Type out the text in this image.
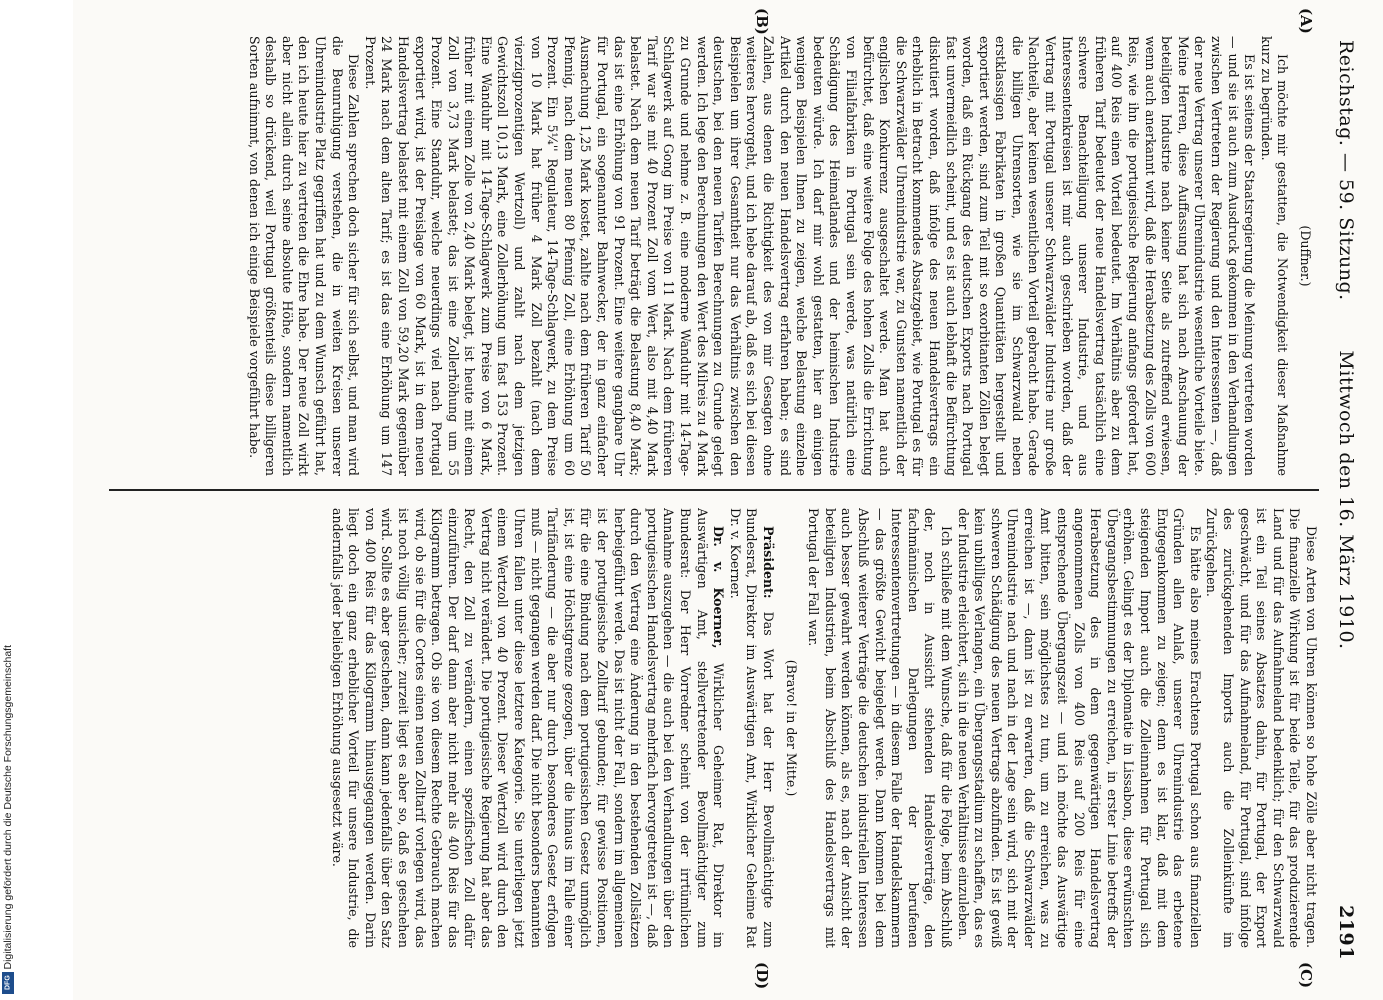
Digitalisierung gefördert durch die Deutsche Forschungsgemeinschaft
DFG
Reichstag. — 59. Sitzung.
Mittwoch den 16. März 1910.
2191
(A)
(B)
(C)
(D)

(Duffner.)

Ich möchte mir gestatten, die Notwendigkeit dieser Maßnahme kurz zu begründen.

Es ist seitens der Staatsregierung die Meinung vertreten worden — und sie ist auch zum Ausdruck gekommen in den Verhandlungen zwischen Vertretern der Regierung und den Interessenten —, daß der neue Vertrag unserer Uhrenindustrie wesentliche Vorteile biete. Meine Herren, diese Auffassung hat sich nach Anschauung der beteiligten Industrie nach keiner Seite als zutreffend erwiesen, wenn auch anerkannt wird, daß die Herabsetzung des Zolls von 600 Reis, wie ihn die portugiesische Regierung anfangs gefordert hat, auf 400 Reis einen Vorteil bedeutet. Im Verhältnis aber zu dem früheren Tarif bedeutet der neue Handelsvertrag tatsächlich eine schwere Benachteiligung unserer Industrie, und aus Interessentenkreisen ist mir auch geschrieben worden, daß der Vertrag mit Portugal unserer Schwarzwälder Industrie nur große Nachteile, aber keinen wesentlichen Vorteil gebracht habe. Gerade die billigen Uhrensorten, wie sie im Schwarzwald neben erstklassigen Fabrikaten in großen Quantitäten hergestellt und exportiert werden, sind zum Teil mit so exorbitanten Zöllen belegt worden, daß ein Rückgang des deutschen Exports nach Portugal fast unvermeidlich scheint, und es ist auch lebhaft die Befürchtung diskutiert worden, daß infolge des neuen Handelsvertrags ein erheblich in Betracht kommendes Absatzgebiet, wie Portugal es für die Schwarzwälder Uhrenindustrie war, zu Gunsten namentlich der englischen Konkurrenz ausgeschaltet werde. Man hat auch befürchtet, daß eine weitere Folge des hohen Zolls die Errichtung von Filialfabriken in Portugal sein werde, was natürlich eine Schädigung des Heimatlandes und der heimischen Industrie bedeuten würde. Ich darf mir wohl gestatten, hier an einigen wenigen Beispielen Ihnen zu zeigen, welche Belastung einzelne Artikel durch den neuen Handelsvertrag erfahren haben; es sind Zahlen, aus denen die Richtigkeit des von mir Gesagten ohne weiteres hervorgeht, und ich hebe darauf ab, daß es sich bei diesen Beispielen um ihrer Gesamtheit nur das Verhältnis zwischen den deutschen, bei den neuen Tarifen Berechnungen zu Grunde gelegt werden. Ich lege den Berechnungen den Wert des Milreis zu 4 Mark zu Grunde und nehme z. B. eine moderne Wanduhr mit 14-Tage-Schlagwerk auf Gong im Preise von 11 Mark. Nach dem früheren Tarif war sie mit 40 Prozent Zoll vom Wert, also mit 4,40 Mark belastet. Nach dem neuen Tarif beträgt die Belastung 8,40 Mark; das ist eine Erhöhung von 91 Prozent. Eine weitere gangbare Uhr für Portugal, ein sogenannter Bahnwecker, der in ganz einfacher Ausmachung 1,25 Mark kostet, zahlte nach dem früheren Tarif 50 Pfennig, nach dem neuen 80 Pfennig Zoll, eine Erhöhung um 60 Prozent. Ein 5¼'' Regulateur, 14-Tage-Schlagwerk, zu dem Preise von 10 Mark hat früher 4 Mark Zoll bezahlt (nach dem vierzigprozentigen Wertzoll) und zahlt nach dem jetzigen Gewichtszoll 10,13 Mark, eine Zollerhöhung um fast 153 Prozent. Eine Wanduhr mit 14-Tage-Schlagwerk zum Preise von 6 Mark, früher mit einem Zolle von 2,40 Mark belegt, ist heute mit einem Zoll von 3,73 Mark belastet; das ist eine Zollerhöhung um 55 Prozent. Eine Standuhr, welche neuerdings viel nach Portugal exportiert wird, ist der Preislage von 60 Mark, ist in dem neuen Handelsvertrag belastet mit einem Zoll von 59,20 Mark gegenüber 24 Mark nach dem alten Tarif; es ist das eine Erhöhung um 147 Prozent.

Diese Zahlen sprechen doch sicher für sich selbst, und man wird die Beunruhigung verstehen, die in weiten Kreisen unserer Uhrenindustrie Platz gegriffen hat und zu dem Wunsch geführt hat, den ich heute hier zu vertreten die Ehre habe. Der neue Zoll wirkt aber nicht allein durch seine absolute Höhe, sondern namentlich deshalb so drückend, weil Portugal größtenteils diese billigeren Sorten aufnimmt, von denen ich einige Beispiele vorgeführt habe.

Diese Arten von Uhren können so hohe Zölle aber nicht tragen. Die finanzielle Wirkung ist für beide Teile, für das produzierende Land und für das Aufnahmeland bedenklich; für den Schwarzwald ist ein Teil seines Absatzes dahin, für Portugal, der Export geschwächt, und für das Aufnahmeland, für Portugal, sind infolge des zurückgehenden Imports auch die Zolleinkünfte im Zurückgehen.

Es hätte also meines Erachtens Portugal schon aus finanziellen Gründen allen Anlaß, unserer Uhrenindustrie das erbetene Entgegenkommen zu zeigen; denn es ist klar, daß mit dem steigenden Import auch die Zolleinnahmen für Portugal sich erhöhen. Gelingt es der Diplomatie in Lissabon, diese erwünschten Übergangsbestimmungen zu erreichen, in erster Linie betreffs der Herabsetzung des in dem gegenwärtigen Handelsvertrag angenommenen Zolls von 400 Reis auf 200 Reis für eine entsprechende Übergangszeit — und ich möchte das Auswärtige Amt bitten, sein möglichstes zu tun, um zu erreichen, was zu erreichen ist —, dann ist zu erwarten, daß die Schwarzwälder Uhrenindustrie nach und nach in der Lage sein wird, sich mit der schweren Schädigung des neuen Vertrags abzufinden. Es ist gewiß kein unbilliges Verlangen, ein Übergangsstadium zu schaffen, das es der Industrie erleichtert, sich in die neuen Verhältnisse einzuleben.

Ich schließe mit dem Wunsche, daß für die Folge, beim Abschluß der, noch in Aussicht stehenden Handelsverträge, den fachmännischen Darlegungen der berufenen Interessentenvertretungen — in diesem Falle der Handelskammern — das größte Gewicht beigelegt werde. Dann kommen bei dem Abschluß weiterer Verträge die deutschen industriellen Interessen auch besser gewahrt werden können, als es, nach der Ansicht der beteiligten Industrien, beim Abschluß des Handelsvertrags mit Portugal der Fall war.

(Bravo! in der Mitte.)

Präsident: Das Wort hat der Herr Bevollmächtigte zum Bundesrat, Direktor im Auswärtigen Amt, Wirklicher Geheime Rat Dr. v. Koerner.

Dr. v. Koerner, Wirklicher Geheimer Rat, Direktor im Auswärtigen Amt, stellvertretender Bevollmächtigter zum Bundesrat: Der Herr Vorredner scheint von der irrtümlichen Annahme auszugehen — die auch bei den Verhandlungen über den portugiesischen Handelsvertrag mehrfach hervorgetreten ist —, daß durch den Vertrag eine Änderung in den bestehenden Zollsätzen herbeigeführt werde. Das ist nicht der Fall, sondern im allgemeinen ist der portugiesische Zolltarif gebunden; für gewisse Positionen, für die eine Bindung nach dem portugiesischen Gesetz unmöglich ist, ist eine Höchstgrenze gezogen, über die hinaus im Falle einer Tarifänderung — die aber nur durch besonderes Gesetz erfolgen muß — nicht gegangen werden darf. Die nicht besonders benannten Uhren fallen unter diese letztere Kategorie. Sie unterliegen jetzt einem Wertzoll von 40 Prozent. Dieser Wertzoll wird durch den Vertrag nicht verändert. Die portugiesische Regierung hat aber das Recht, den Zoll zu verändern, einen spezifischen Zoll dafür einzuführen. Der darf dann aber nicht mehr als 400 Reis für das Kilogramm betragen. Ob sie von diesem Rechte Gebrauch machen wird, ob sie für die Cortes einen neuen Zolltarif vorlegen wird, das ist noch völlig unsicher; zurzeit liegt es aber so, daß es geschehen wird. Sollte es aber geschehen, dann kann jedenfalls über den Satz von 400 Reis für das Kilogramm hinausgegangen werden. Darin liegt doch ein ganz erheblicher Vorteil für unsere Industrie, die andernfalls jeder beliebigen Erhöhung ausgesetzt wäre.
